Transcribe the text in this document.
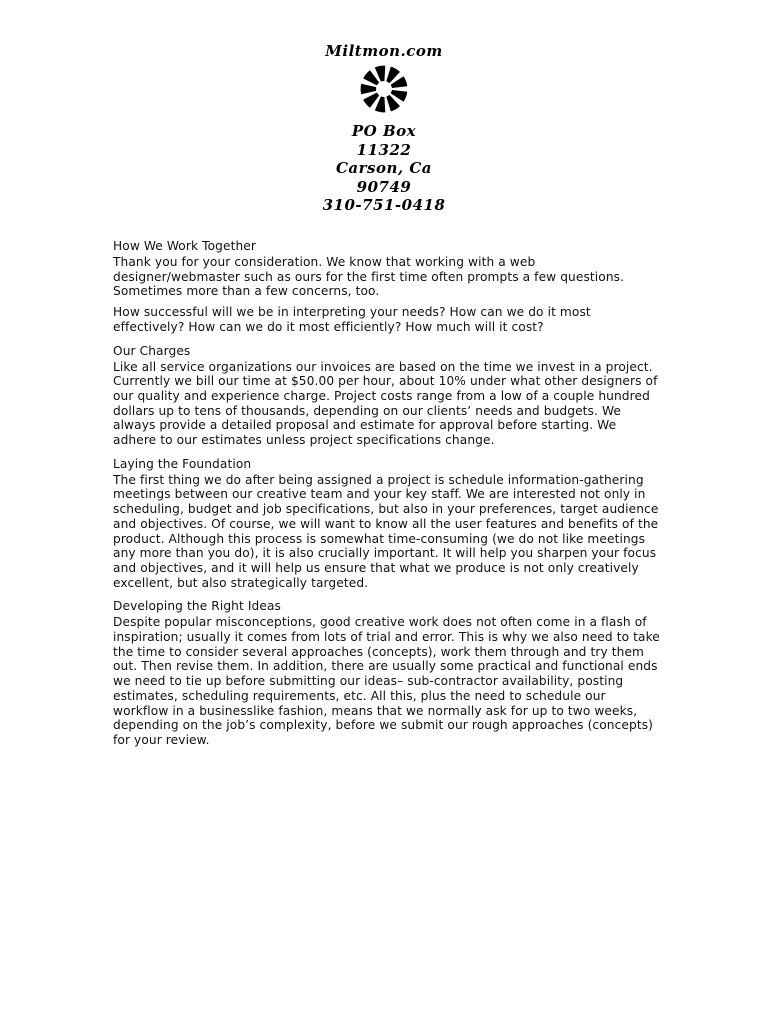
Miltmon.com
PO Box
11322
Carson, Ca
90749
310-751-0418

How We Work Together

Thank you for your consideration. We know that working with a web designer/webmaster such as ours for the first time often prompts a few questions. Sometimes more than a few concerns, too.

How successful will we be in interpreting your needs? How can we do it most effectively? How can we do it most efficiently? How much will it cost?

Our Charges

Like all service organizations our invoices are based on the time we invest in a project. Currently we bill our time at $50.00 per hour, about 10% under what other designers of our quality and experience charge. Project costs range from a low of a couple hundred dollars up to tens of thousands, depending on our clients’ needs and budgets. We always provide a detailed proposal and estimate for approval before starting. We adhere to our estimates unless project specifications change.

Laying the Foundation

The first thing we do after being assigned a project is schedule information-gathering meetings between our creative team and your key staff. We are interested not only in scheduling, budget and job specifications, but also in your preferences, target audience and objectives. Of course, we will want to know all the user features and benefits of the product. Although this process is somewhat time-consuming (we do not like meetings any more than you do), it is also crucially important. It will help you sharpen your focus and objectives, and it will help us ensure that what we produce is not only creatively excellent, but also strategically targeted.

Developing the Right Ideas

Despite popular misconceptions, good creative work does not often come in a flash of inspiration; usually it comes from lots of trial and error. This is why we also need to take the time to consider several approaches (concepts), work them through and try them out. Then revise them. In addition, there are usually some practical and functional ends we need to tie up before submitting our ideas– sub-contractor availability, posting estimates, scheduling requirements, etc. All this, plus the need to schedule our workflow in a businesslike fashion, means that we normally ask for up to two weeks, depending on the job’s complexity, before we submit our rough approaches (concepts) for your review.
